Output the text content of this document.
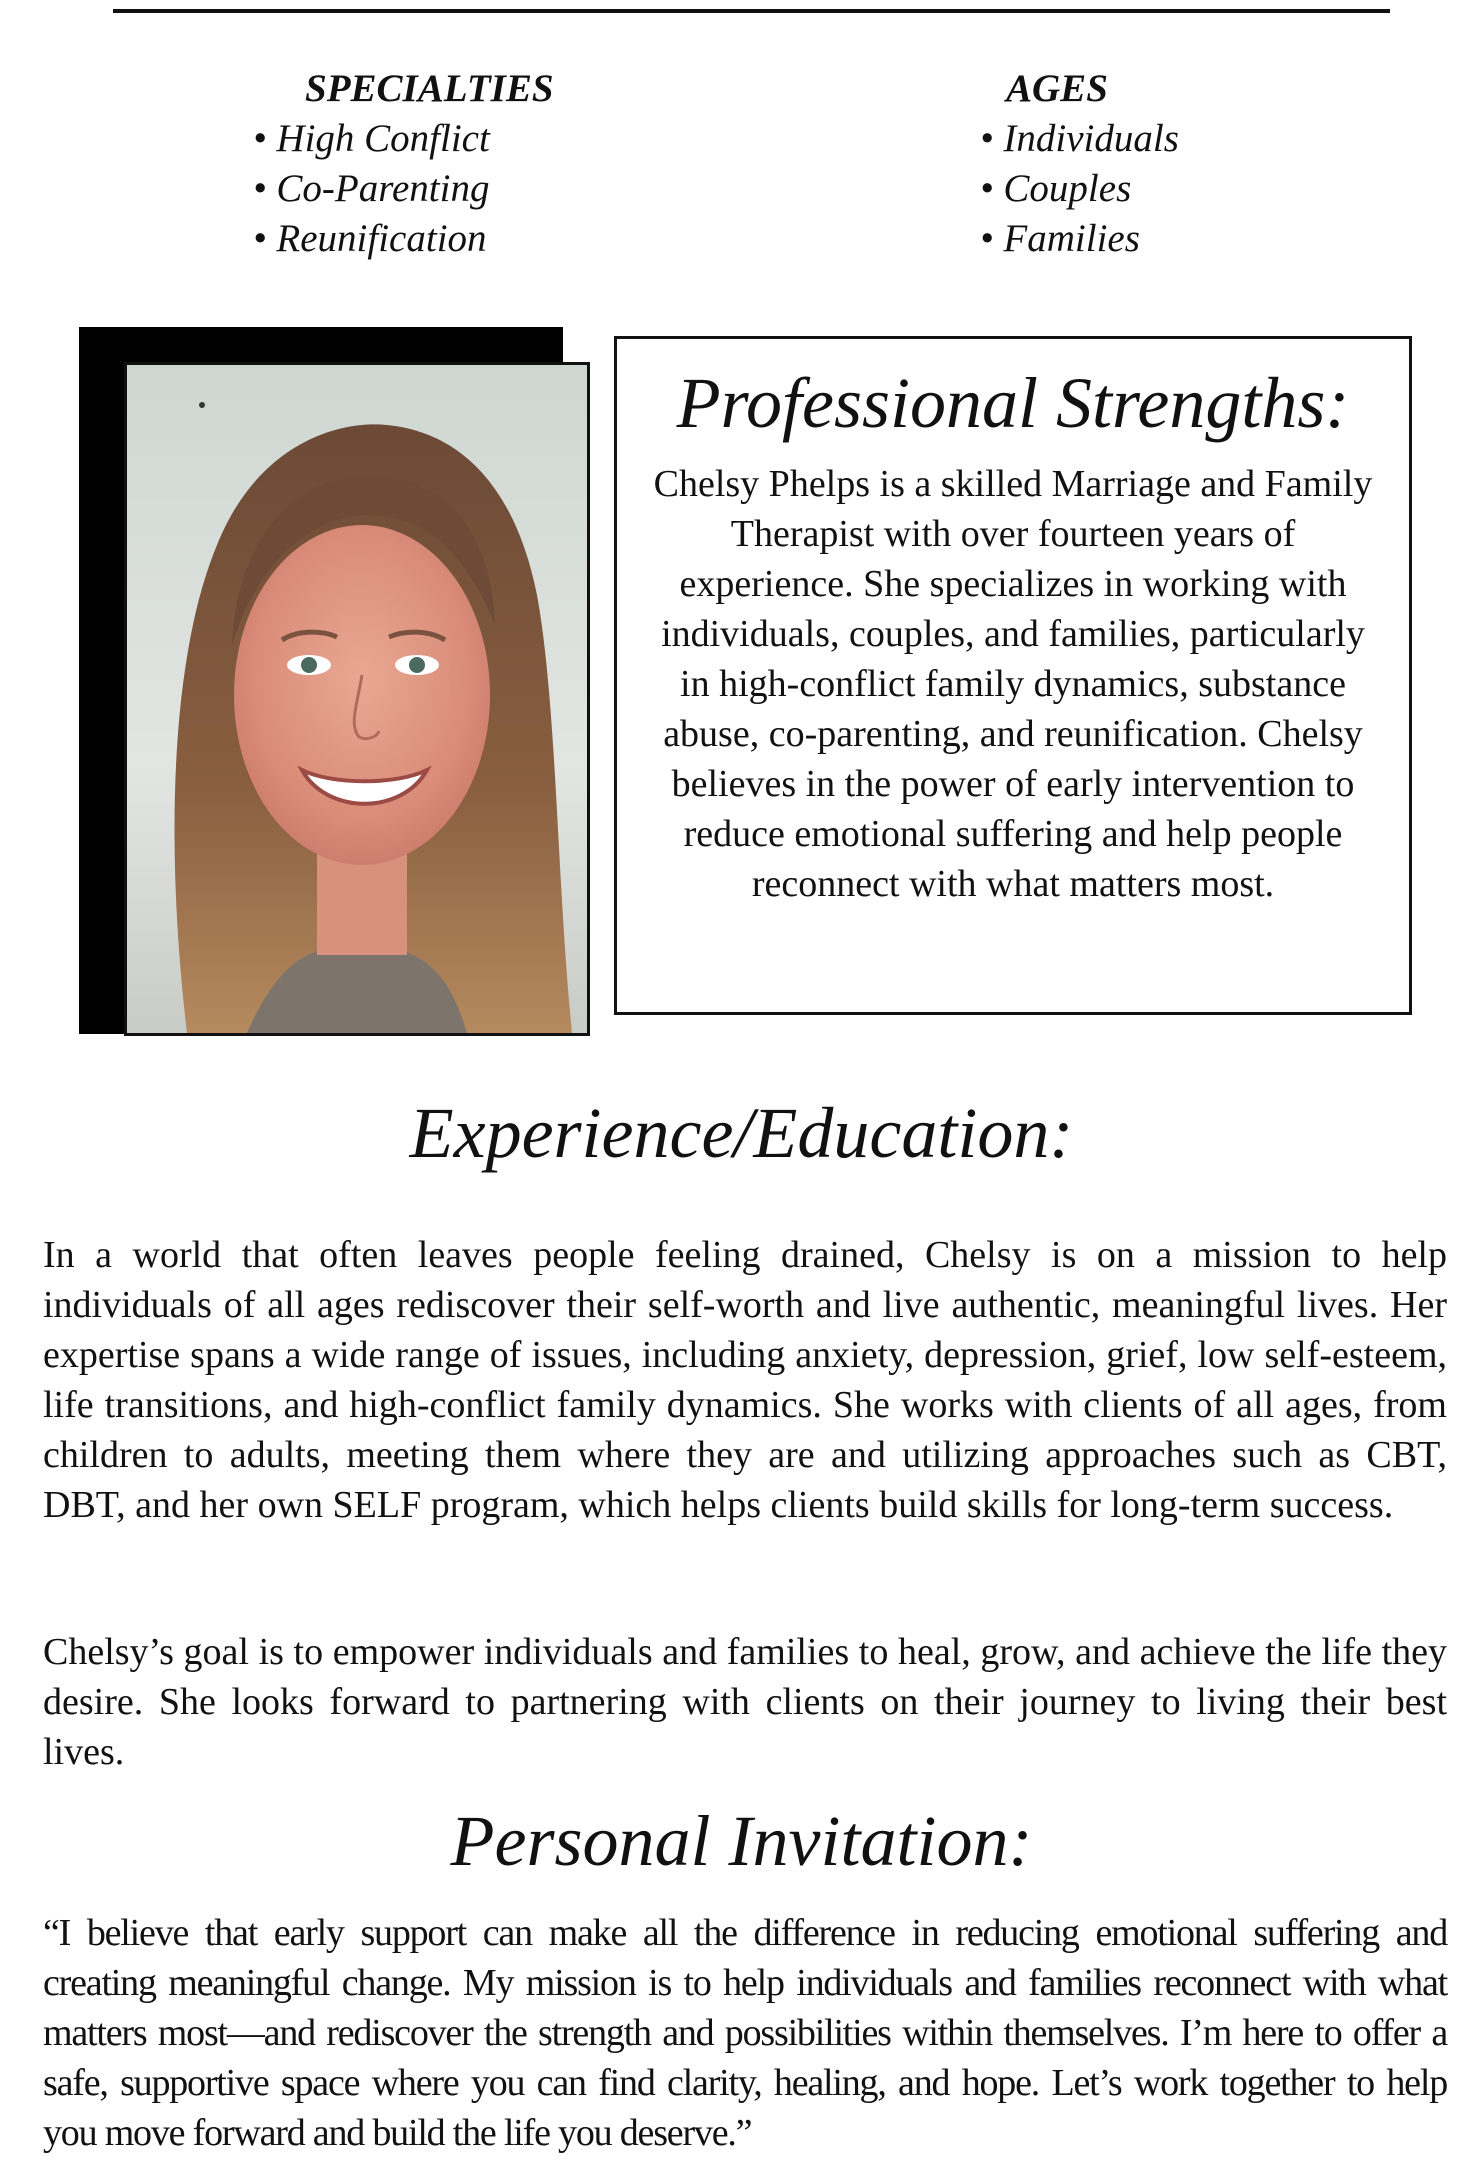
SPECIALTIES
• High Conflict
• Co-Parenting
• Reunification
AGES
• Individuals
• Couples
• Families
Professional Strengths:

Chelsy Phelps is a skilled Marriage and Family Therapist with over fourteen years of experience. She specializes in working with individuals, couples, and families, particularly in high-conflict family dynamics, substance abuse, co-parenting, and reunification. Chelsy believes in the power of early intervention to reduce emotional suffering and help people reconnect with what matters most.

Experience/Education:

In a world that often leaves people feeling drained, Chelsy is on a mission to help individuals of all ages rediscover their self-worth and live authentic, meaningful lives. Her expertise spans a wide range of issues, including anxiety, depression, grief, low self-esteem, life transitions, and high-conflict family dynamics. She works with clients of all ages, from children to adults, meeting them where they are and utilizing approaches such as CBT, DBT, and her own SELF program, which helps clients build skills for long-term success.

Chelsy’s goal is to empower individuals and families to heal, grow, and achieve the life they desire. She looks forward to partnering with clients on their journey to living their best lives.

Personal Invitation:

“I believe that early support can make all the difference in reducing emotional suffering and creating meaningful change. My mission is to help individuals and families reconnect with what matters most—and rediscover the strength and possibilities within themselves. I’m here to offer a safe, supportive space where you can find clarity, healing, and hope. Let’s work together to help you move forward and build the life you deserve.”
